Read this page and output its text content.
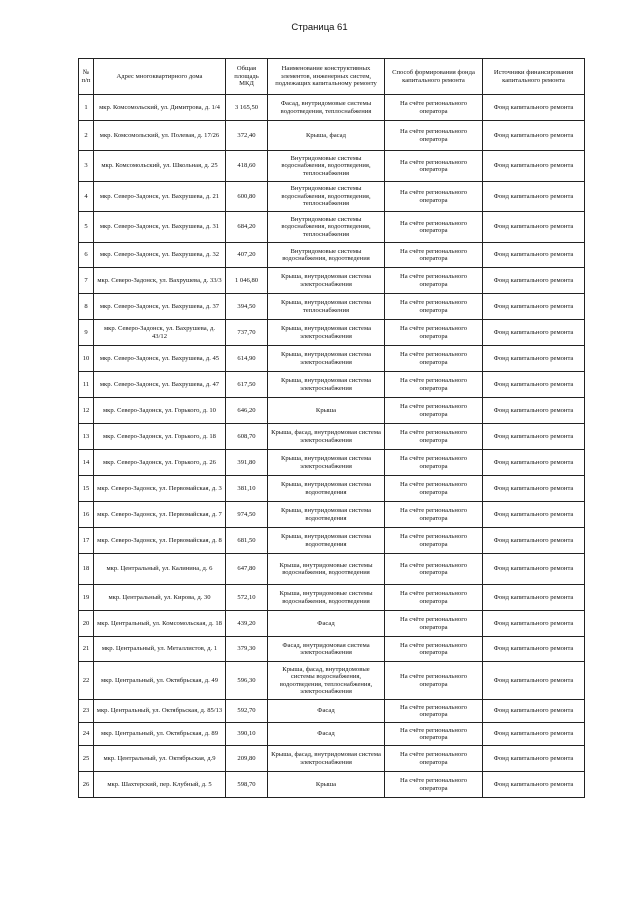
Страница 61
№ п/п	Адрес многоквартирного дома	Общая площадь МКД	Наименование конструктивных элементов, инженерных систем, подлежащих капитальному ремонту	Способ формирования фонда капитального ремонта	Источники финансирования капитального ремонта
1	мкр. Комсомольский, ул. Димитрова, д. 1/4	3 165,50	Фасад, внутридомовые системы водоотведения, теплоснабжения	На счёте регионального оператора	Фонд капитального ремонта
2	мкр. Комсомольский, ул. Полевая, д. 17/26	372,40	Крыша, фасад	На счёте регионального оператора	Фонд капитального ремонта
3	мкр. Комсомольский, ул. Школьная, д. 25	418,60	Внутридомовые системы водоснабжения, водоотведения, теплоснабжения	На счёте регионального оператора	Фонд капитального ремонта
4	мкр. Северо-Задонск, ул. Вахрушева, д. 21	600,80	Внутридомовые системы водоснабжения, водоотведения, теплоснабжения	На счёте регионального оператора	Фонд капитального ремонта
5	мкр. Северо-Задонск, ул. Вахрушева, д. 31	684,20	Внутридомовые системы водоснабжения, водоотведения, теплоснабжения	На счёте регионального оператора	Фонд капитального ремонта
6	мкр. Северо-Задонск, ул. Вахрушева, д. 32	407,20	Внутридомовые системы водоснабжения, водоотведения	На счёте регионального оператора	Фонд капитального ремонта
7	мкр. Северо-Задонск, ул. Вахрушева, д. 33/3	1 046,80	Крыша, внутридомовая система электроснабжения	На счёте регионального оператора	Фонд капитального ремонта
8	мкр. Северо-Задонск, ул. Вахрушева, д. 37	394,50	Крыша, внутридомовая система теплоснабжения	На счёте регионального оператора	Фонд капитального ремонта
9	мкр. Северо-Задонск, ул. Вахрушева, д. 43/12	737,70	Крыша, внутридомовая система электроснабжения	На счёте регионального оператора	Фонд капитального ремонта
10	мкр. Северо-Задонск, ул. Вахрушева, д. 45	614,90	Крыша, внутридомовая система электроснабжения	На счёте регионального оператора	Фонд капитального ремонта
11	мкр. Северо-Задонск, ул. Вахрушева, д. 47	617,50	Крыша, внутридомовая система электроснабжения	На счёте регионального оператора	Фонд капитального ремонта
12	мкр. Северо-Задонск, ул. Горького, д. 10	646,20	Крыша	На счёте регионального оператора	Фонд капитального ремонта
13	мкр. Северо-Задонск, ул. Горького, д. 18	608,70	Крыша, фасад, внутридомовая система электроснабжения	На счёте регионального оператора	Фонд капитального ремонта
14	мкр. Северо-Задонск, ул. Горького, д. 26	391,80	Крыша, внутридомовая система электроснабжения	На счёте регионального оператора	Фонд капитального ремонта
15	мкр. Северо-Задонск, ул. Первомайская, д. 3	381,10	Крыша, внутридомовая система водоотведения	На счёте регионального оператора	Фонд капитального ремонта
16	мкр. Северо-Задонск, ул. Первомайская, д. 7	974,50	Крыша, внутридомовая система водоотведения	На счёте регионального оператора	Фонд капитального ремонта
17	мкр. Северо-Задонск, ул. Первомайская, д. 8	681,50	Крыша, внутридомовая система водоотведения	На счёте регионального оператора	Фонд капитального ремонта
18	мкр. Центральный, ул. Калинина, д. 6	647,80	Крыша, внутридомовые системы водоснабжения, водоотведения	На счёте регионального оператора	Фонд капитального ремонта
19	мкр. Центральный, ул. Кирова, д. 30	572,10	Крыша, внутридомовые системы водоснабжения, водоотведения	На счёте регионального оператора	Фонд капитального ремонта
20	мкр. Центральный, ул. Комсомольская, д. 18	439,20	Фасад	На счёте регионального оператора	Фонд капитального ремонта
21	мкр. Центральный, ул. Металлистов, д. 1	379,30	Фасад, внутридомовая система электроснабжения	На счёте регионального оператора	Фонд капитального ремонта
22	мкр. Центральный, ул. Октябрьская, д. 49	596,30	Крыша, фасад, внутридомовые системы водоснабжения, водоотведения, теплоснабжения, электроснабжения	На счёте регионального оператора	Фонд капитального ремонта
23	мкр. Центральный, ул. Октябрьская, д. 85/13	592,70	Фасад	На счёте регионального оператора	Фонд капитального ремонта
24	мкр. Центральный, ул. Октябрьская, д. 89	390,10	Фасад	На счёте регионального оператора	Фонд капитального ремонта
25	мкр. Центральный, ул. Октябрьская, д.9	209,80	Крыша, фасад, внутридомовая система электроснабжения	На счёте регионального оператора	Фонд капитального ремонта
26	мкр. Шахтерский, пер. Клубный, д. 5	598,70	Крыша	На счёте регионального оператора	Фонд капитального ремонта
